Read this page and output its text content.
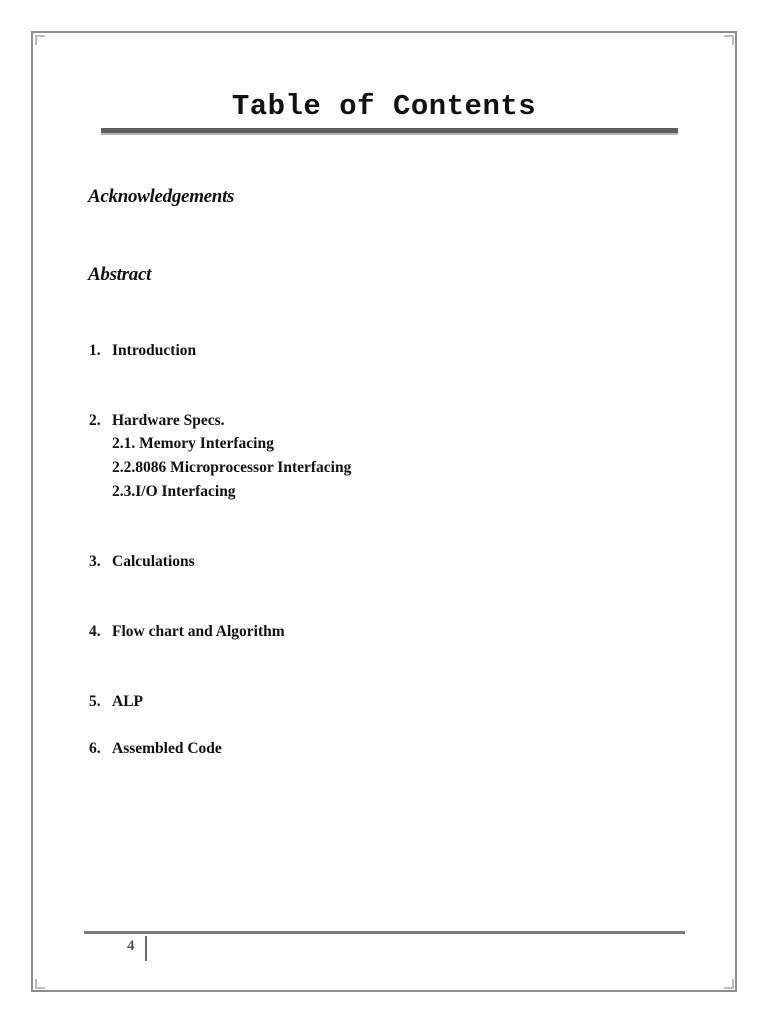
Table of Contents
Acknowledgements
Abstract
1. Introduction
2. Hardware Specs.
2.1. Memory Interfacing
2.2.8086 Microprocessor Interfacing
2.3.I/O Interfacing
3. Calculations
4. Flow chart and Algorithm
5. ALP
6. Assembled Code
4
